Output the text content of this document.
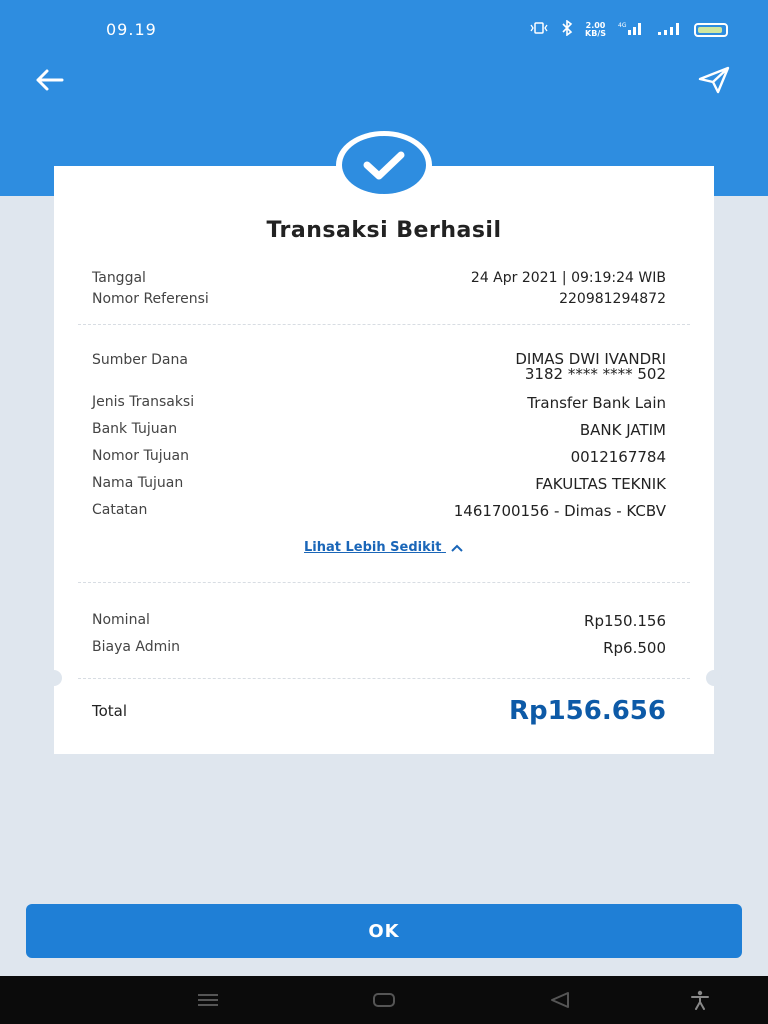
09.19	2.00
KB/S
4G
Transaksi Berhasil
Tanggal	24 Apr 2021 | 09:19:24 WIB
Nomor Referensi	220981294872
Sumber Dana	DIMAS DWI IVANDRI
3182 **** **** 502
Jenis Transaksi	Transfer Bank Lain
Bank Tujuan	BANK JATIM
Nomor Tujuan	0012167784
Nama Tujuan	FAKULTAS TEKNIK
Catatan	1461700156 - Dimas - KCBV
Lihat Lebih Sedikit
Nominal	Rp150.156
Biaya Admin	Rp6.500
Total	Rp156.656
OK
